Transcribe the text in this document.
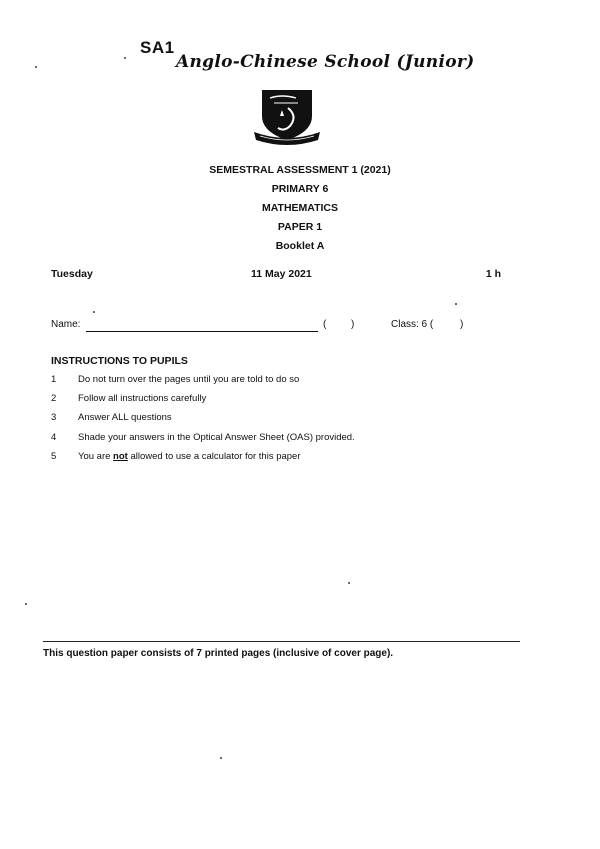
SA1
Anglo-Chinese School (Junior)
SEMESTRAL ASSESSMENT 1 (2021)
PRIMARY 6
MATHEMATICS
PAPER 1
Booklet A
Tuesday	11 May 2021	1 h
Name:	( )	Class: 6 (	)
INSTRUCTIONS TO PUPILS
1 Do not turn over the pages until you are told to do so
2 Follow all instructions carefully
3 Answer ALL questions
4 Shade your answers in the Optical Answer Sheet (OAS) provided.
5 You are not allowed to use a calculator for this paper
This question paper consists of 7 printed pages (inclusive of cover page).
